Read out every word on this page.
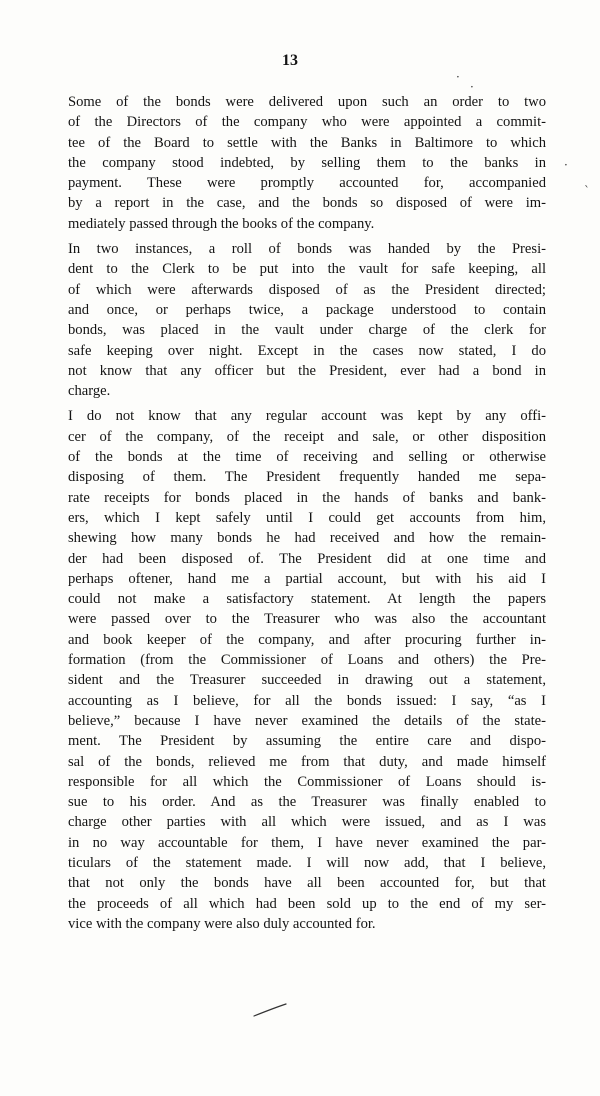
13
·
·
`
·
Some of the bonds were delivered upon such an order to two
of the Directors of the company who were appointed a commit-
tee of the Board to settle with the Banks in Baltimore to which
the company stood indebted, by selling them to the banks in
payment. These were promptly accounted for, accompanied
by a report in the case, and the bonds so disposed of were im-
mediately passed through the books of the company.
In two instances, a roll of bonds was handed by the Presi-
dent to the Clerk to be put into the vault for safe keeping, all
of which were afterwards disposed of as the President directed;
and once, or perhaps twice, a package understood to contain
bonds, was placed in the vault under charge of the clerk for
safe keeping over night. Except in the cases now stated, I do
not know that any officer but the President, ever had a bond in
charge.
I do not know that any regular account was kept by any offi-
cer of the company, of the receipt and sale, or other disposition
of the bonds at the time of receiving and selling or otherwise
disposing of them. The President frequently handed me sepa-
rate receipts for bonds placed in the hands of banks and bank-
ers, which I kept safely until I could get accounts from him,
shewing how many bonds he had received and how the remain-
der had been disposed of. The President did at one time and
perhaps oftener, hand me a partial account, but with his aid I
could not make a satisfactory statement. At length the papers
were passed over to the Treasurer who was also the accountant
and book keeper of the company, and after procuring further in-
formation (from the Commissioner of Loans and others) the Pre-
sident and the Treasurer succeeded in drawing out a statement,
accounting as I believe, for all the bonds issued: I say, “as I
believe,” because I have never examined the details of the state-
ment. The President by assuming the entire care and dispo-
sal of the bonds, relieved me from that duty, and made himself
responsible for all which the Commissioner of Loans should is-
sue to his order. And as the Treasurer was finally enabled to
charge other parties with all which were issued, and as I was
in no way accountable for them, I have never examined the par-
ticulars of the statement made. I will now add, that I believe,
that not only the bonds have all been accounted for, but that
the proceeds of all which had been sold up to the end of my ser-
vice with the company were also duly accounted for.
